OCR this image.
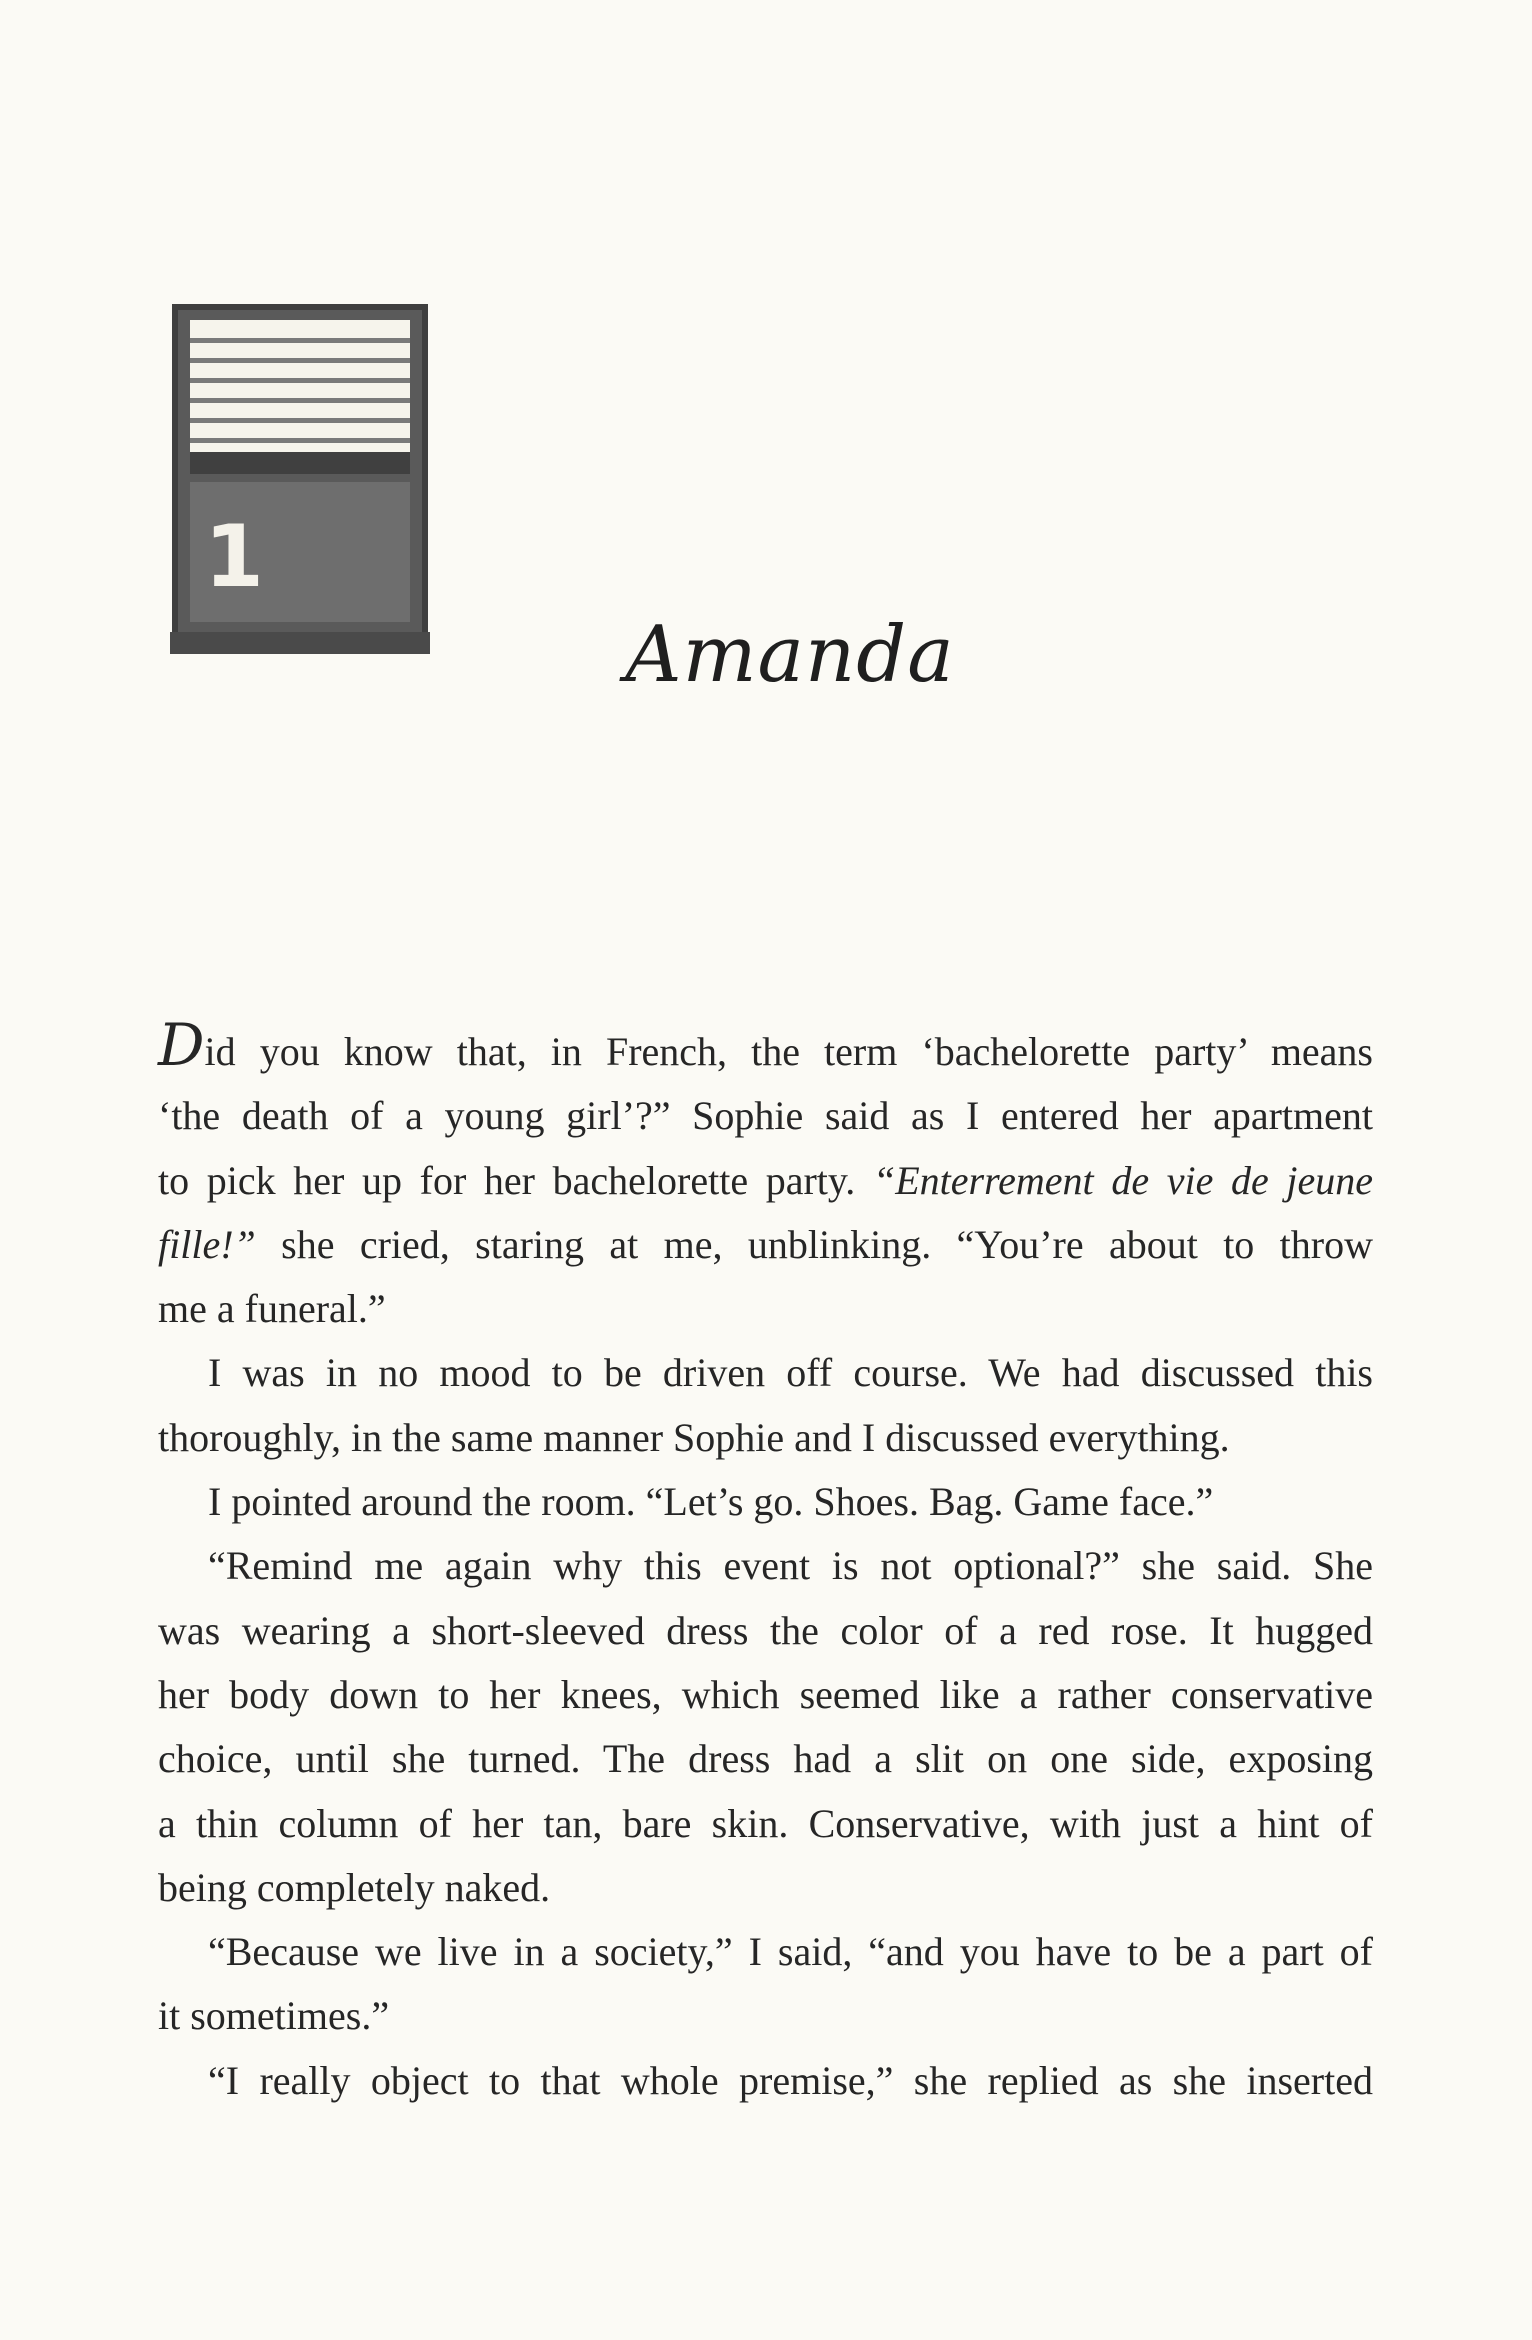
1
Amanda
Did you know that, in French, the term ‘bachelorette party’ means
‘the death of a young girl’?” Sophie said as I entered her apartment
to pick her up for her bachelorette party. “Enterrement de vie de jeune
fille!” she cried, staring at me, unblinking. “You’re about to throw
me a funeral.”
I was in no mood to be driven off course. We had discussed this
thoroughly, in the same manner Sophie and I discussed everything.
I pointed around the room. “Let’s go. Shoes. Bag. Game face.”
“Remind me again why this event is not optional?” she said. She
was wearing a short-sleeved dress the color of a red rose. It hugged
her body down to her knees, which seemed like a rather conservative
choice, until she turned. The dress had a slit on one side, exposing
a thin column of her tan, bare skin. Conservative, with just a hint of
being completely naked.
“Because we live in a society,” I said, “and you have to be a part of
it sometimes.”
“I really object to that whole premise,” she replied as she inserted
